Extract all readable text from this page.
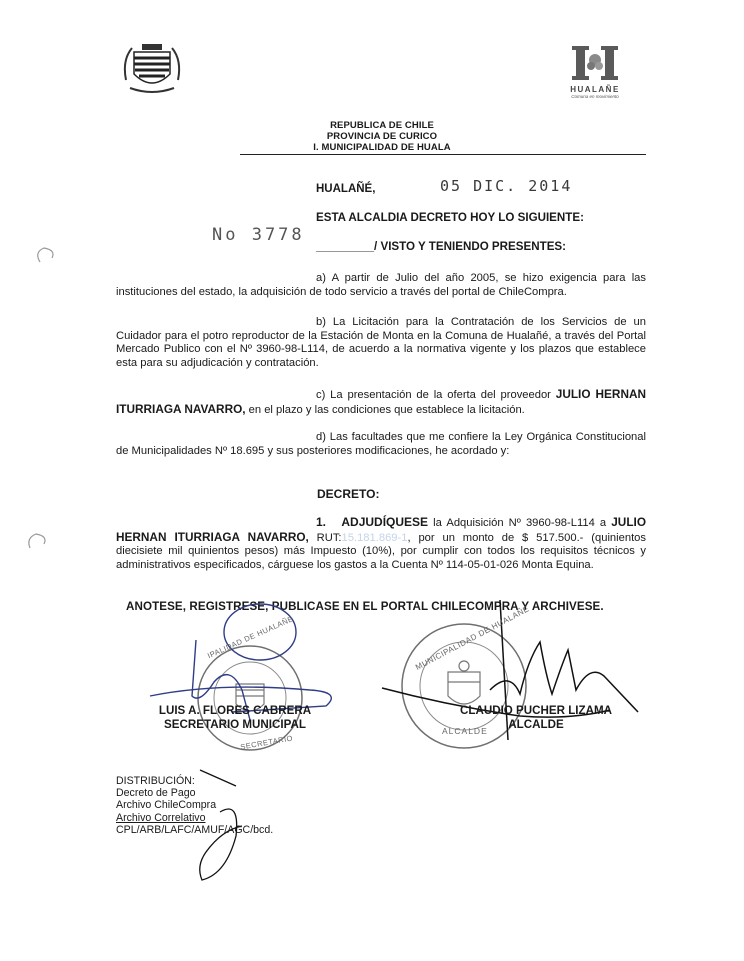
HUALAÑE
Comuna en movimiento
REPUBLICA DE CHILE
PROVINCIA DE CURICO
I. MUNICIPALIDAD DE HUALA
HUALAÑÉ,	05 DIC. 2014
No 3778
ESTA ALCALDIA DECRETO HOY LO SIGUIENTE:
_________/ VISTO Y TENIENDO PRESENTES:

a) A partir de Julio del año 2005, se hizo exigencia para las instituciones del estado, la adquisición de todo servicio a través del portal de ChileCompra.

b) La Licitación para la Contratación de los Servicios de un Cuidador para el potro reproductor de la Estación de Monta en la Comuna de Hualañé, a través del Portal Mercado Publico con el Nº 3960-98-L114, de acuerdo a la normativa vigente y los plazos que establece esta para su adjudicación y contratación.

c) La presentación de la oferta del proveedor JULIO HERNAN ITURRIAGA NAVARRO, en el plazo y las condiciones que establece la licitación.

d) Las facultades que me confiere la Ley Orgánica Constitucional de Municipalidades Nº 18.695 y sus posteriores modificaciones, he acordado y:

DECRETO:

1. ADJUDÍQUESE la Adquisición Nº 3960-98-L114 a JULIO HERNAN ITURRIAGA NAVARRO, RUT:15.181.869-1, por un monto de $ 517.500.- (quinientos diecisiete mil quinientos pesos) más Impuesto (10%), por cumplir con todos los requisitos técnicos y administrativos especificados, cárguese los gastos a la Cuenta Nº 114-05-01-026 Monta Equina.

ANOTESE, REGISTRESE, PUBLICASE EN EL PORTAL CHILECOMPRA Y ARCHIVESE.
IPALIDAD DE HUALAÑE
SECRETARIO
MUNICIPALIDAD DE HUALAÑE
ALCALDE
LUIS A. FLORES CABRERA
SECRETARIO MUNICIPAL
CLAUDIO PUCHER LIZAMA
ALCALDE
DISTRIBUCIÓN:
Decreto de Pago
Archivo ChileCompra
Archivo Correlativo
CPL/ARB/LAFC/AMUF/AGC/bcd.
